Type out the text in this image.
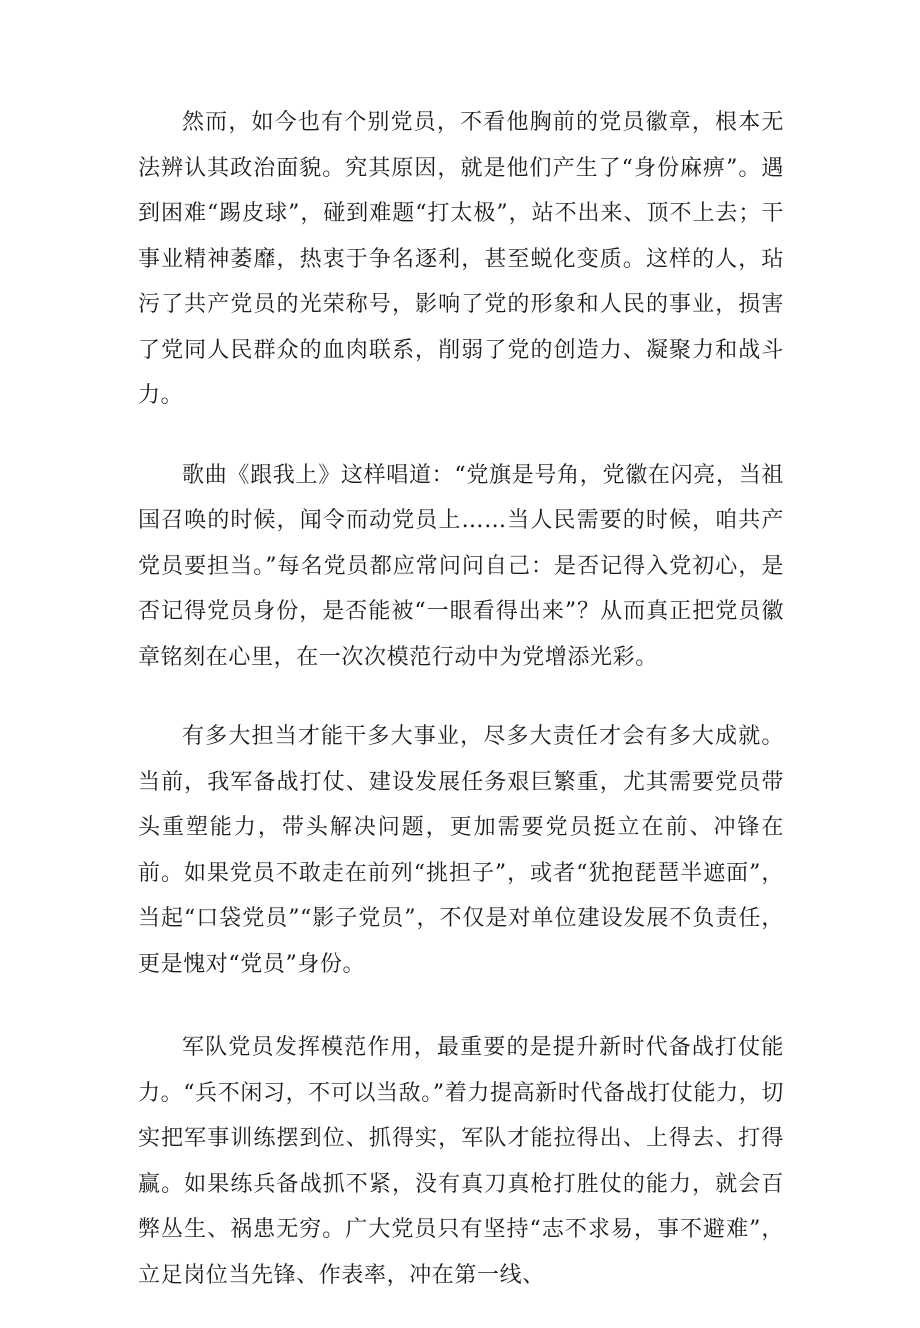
然而，如今也有个别党员，不看他胸前的党员徽章，根本无法辨认其政治面貌。究其原因，就是他们产生了“身份麻痹”。遇到困难“踢皮球”，碰到难题“打太极”，站不出来、顶不上去；干事业精神萎靡，热衷于争名逐利，甚至蜕化变质。这样的人，玷污了共产党员的光荣称号，影响了党的形象和人民的事业，损害了党同人民群众的血肉联系，削弱了党的创造力、凝聚力和战斗力。

歌曲《跟我上》这样唱道：“党旗是号角，党徽在闪亮，当祖国召唤的时候，闻令而动党员上……当人民需要的时候，咱共产党员要担当。”每名党员都应常问问自己：是否记得入党初心，是否记得党员身份，是否能被“一眼看得出来”？从而真正把党员徽章铭刻在心里，在一次次模范行动中为党增添光彩。

有多大担当才能干多大事业，尽多大责任才会有多大成就。当前，我军备战打仗、建设发展任务艰巨繁重，尤其需要党员带头重塑能力，带头解决问题，更加需要党员挺立在前、冲锋在前。如果党员不敢走在前列“挑担子”，或者“犹抱琵琶半遮面”，当起“口袋党员”“影子党员”，不仅是对单位建设发展不负责任，更是愧对“党员”身份。

军队党员发挥模范作用，最重要的是提升新时代备战打仗能力。“兵不闲习，不可以当敌。”着力提高新时代备战打仗能力，切实把军事训练摆到位、抓得实，军队才能拉得出、上得去、打得赢。如果练兵备战抓不紧，没有真刀真枪打胜仗的能力，就会百弊丛生、祸患无穷。广大党员只有坚持“志不求易，事不避难”，立足岗位当先锋、作表率，冲在第一线、
